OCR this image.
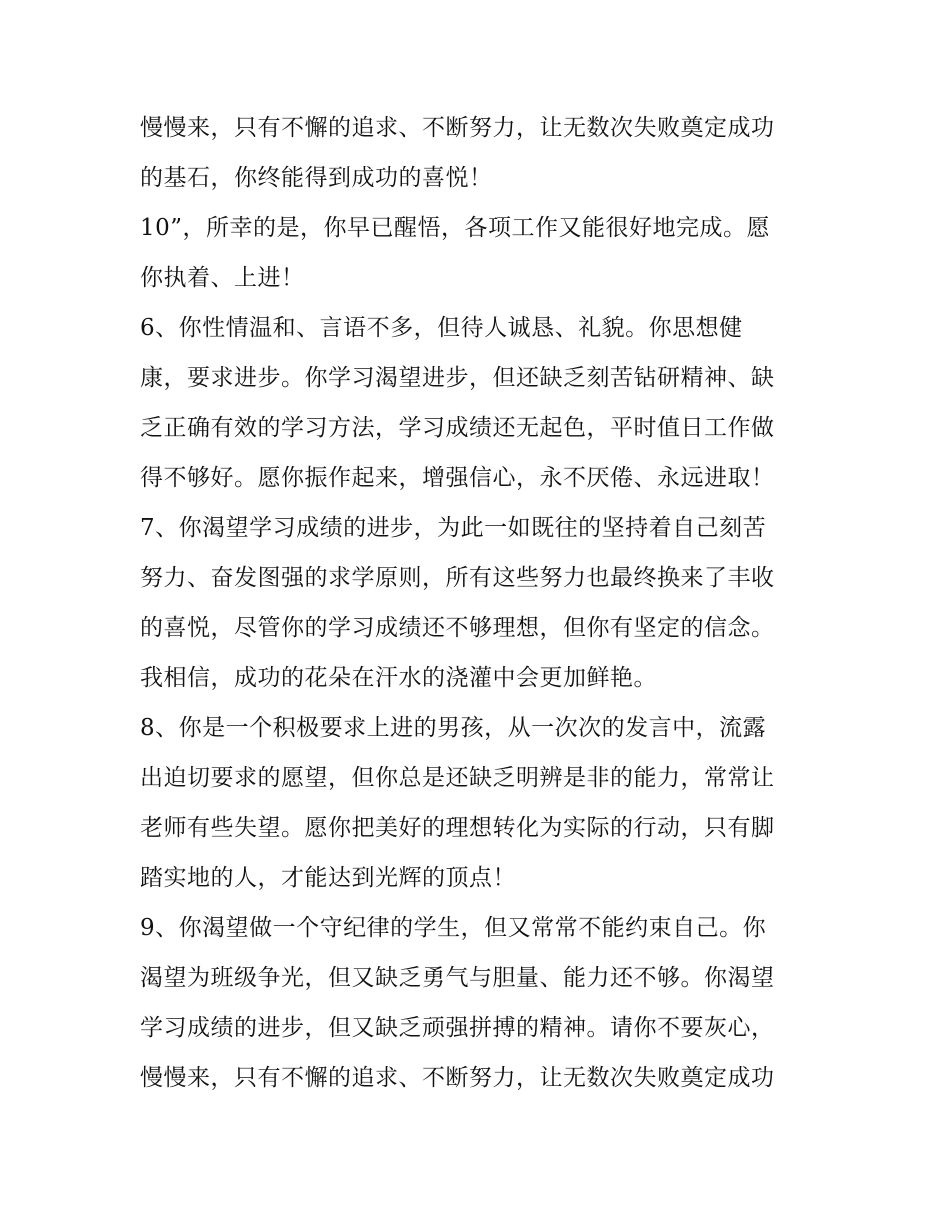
慢慢来，只有不懈的追求、不断努力，让无数次失败奠定成功
的基石，你终能得到成功的喜悦！
10”，所幸的是，你早已醒悟，各项工作又能很好地完成。愿
你执着、上进！
6、你性情温和、言语不多，但待人诚恳、礼貌。你思想健
康，要求进步。你学习渴望进步，但还缺乏刻苦钻研精神、缺
乏正确有效的学习方法，学习成绩还无起色，平时值日工作做
得不够好。愿你振作起来，增强信心，永不厌倦、永远进取！
7、你渴望学习成绩的进步，为此一如既往的坚持着自己刻苦
努力、奋发图强的求学原则，所有这些努力也最终换来了丰收
的喜悦，尽管你的学习成绩还不够理想，但你有坚定的信念。
我相信，成功的花朵在汗水的浇灌中会更加鲜艳。
8、你是一个积极要求上进的男孩，从一次次的发言中，流露
出迫切要求的愿望，但你总是还缺乏明辨是非的能力，常常让
老师有些失望。愿你把美好的理想转化为实际的行动，只有脚
踏实地的人，才能达到光辉的顶点！
9、你渴望做一个守纪律的学生，但又常常不能约束自己。你
渴望为班级争光，但又缺乏勇气与胆量、能力还不够。你渴望
学习成绩的进步，但又缺乏顽强拼搏的精神。请你不要灰心，
慢慢来，只有不懈的追求、不断努力，让无数次失败奠定成功
